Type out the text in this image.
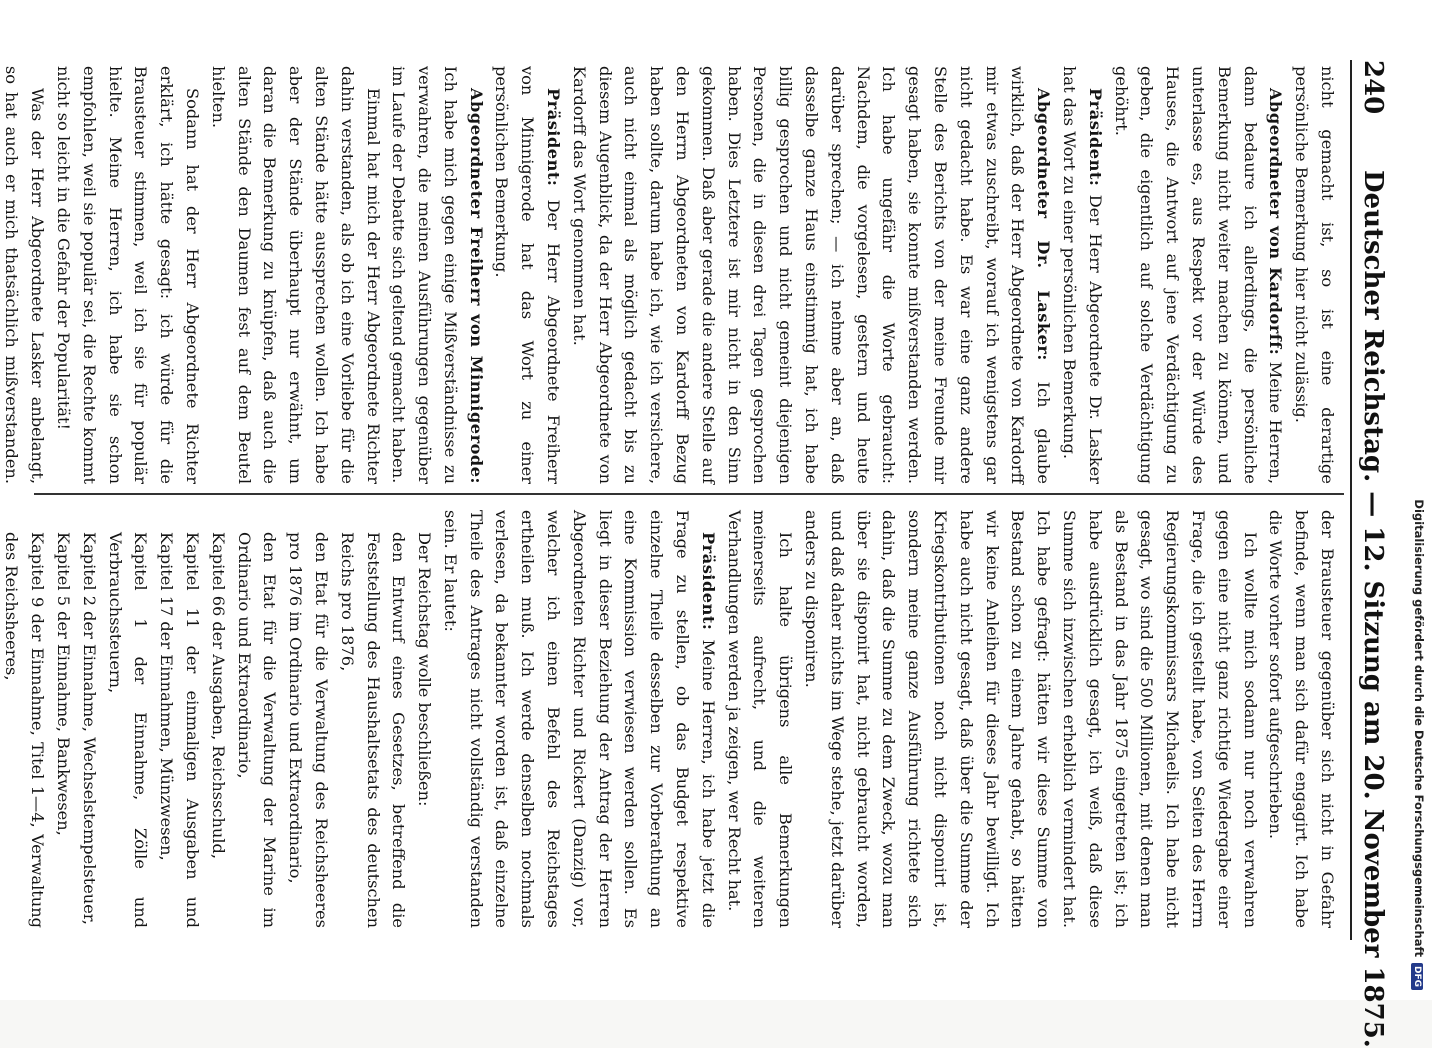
240
Deutscher Reichstag. — 12. Sitzung am 20. November 1875.

nicht gemacht ist, so ist eine derartige persönliche Bemerkung hier nicht zulässig.

Abgeordneter von Kardorff: Meine Herren, dann bedaure ich allerdings, die persönliche Bemerkung nicht weiter machen zu können, und unterlasse es, aus Respekt vor der Würde des Hauses, die Antwort auf jene Verdächtigung zu geben, die eigentlich auf solche Verdächtigung gehöhrt.

Präsident: Der Herr Abgeordnete Dr. Lasker hat das Wort zu einer persönlichen Bemerkung.

Abgeordneter Dr. Lasker: Ich glaube wirklich, daß der Herr Abgeordnete von Kardorff mir etwas zuschreibt, worauf ich wenigstens gar nicht gedacht habe. Es war eine ganz andere Stelle des Berichts von der meine Freunde mir gesagt haben, sie konnte mißverstanden werden. Ich habe ungefähr die Worte gebraucht: Nachdem, die vorgelesen, gestern und heute darüber sprechen; — ich nehme aber an, daß dasselbe ganze Haus einstimmig hat, ich habe billig gesprochen und nicht gemeint diejenigen Personen, die in diesen drei Tagen gesprochen haben. Dies Letztere ist mir nicht in den Sinn gekommen. Daß aber gerade die andere Stelle auf den Herrn Abgeordneten von Kardorff Bezug haben sollte, darum habe ich, wie ich versichere, auch nicht einmal als möglich gedacht bis zu diesem Augenblick, da der Herr Abgeordnete von Kardorff das Wort genommen hat.

Präsident: Der Herr Abgeordnete Freiherr von Minnigerode hat das Wort zu einer persönlichen Bemerkung.

Abgeordneter Freiherr von Minnigerode: Ich habe mich gegen einige Mißverständnisse zu verwahren, die meinen Ausführungen gegenüber im Laufe der Debatte sich geltend gemacht haben.

Einmal hat mich der Herr Abgeordnete Richter dahin verstanden, als ob ich eine Vorliebe für die alten Stände hätte aussprechen wollen. Ich habe aber der Stände überhaupt nur erwähnt, um daran die Bemerkung zu knüpfen, daß auch die alten Stände den Daumen fest auf dem Beutel hielten.

Sodann hat der Herr Abgeordnete Richter erklärt, ich hätte gesagt: ich würde für die Brausteuer stimmen, weil ich sie für populär hielte. Meine Herren, ich habe sie schon empfohlen, weil sie populär sei, die Rechte kommt nicht so leicht in die Gefahr der Popularität!

Was der Herr Abgeordnete Lasker anbelangt, so hat auch er mich thatsächlich mißverstanden.

der Brausteuer gegenüber sich nicht in Gefahr befinde, wenn man sich dafür engagirt. Ich habe die Worte vorher sofort aufgeschrieben.

Ich wollte mich sodann nur noch verwahren gegen eine nicht ganz richtige Wiedergabe einer Frage, die ich gestellt habe, von Seiten des Herrn Regierungskommissars Michaelis. Ich habe nicht gesagt, wo sind die 500 Millionen, mit denen man als Bestand in das Jahr 1875 eingetreten ist; ich habe ausdrücklich gesagt, ich weiß, daß diese Summe sich inzwischen erheblich vermindert hat. Ich habe gefragt: hätten wir diese Summe von Bestand schon zu einem Jahre gehabt, so hätten wir keine Anleihen für dieses Jahr bewilligt. Ich habe auch nicht gesagt, daß über die Summe der Kriegskontributionen noch nicht disponirt ist, sondern meine ganze Ausführung richtete sich dahin, daß die Summe zu dem Zweck, wozu man über sie disponirt hat, nicht gebraucht worden, und daß daher nichts im Wege stehe, jetzt darüber anders zu disponiren.

Ich halte übrigens alle Bemerkungen meinerseits aufrecht, und die weiteren Verhandlungen werden ja zeigen, wer Recht hat.

Präsident: Meine Herren, ich habe jetzt die Frage zu stellen, ob das Budget respektive einzelne Theile desselben zur Vorberathung an eine Kommission verwiesen werden sollen. Es liegt in dieser Beziehung der Antrag der Herren Abgeordneten Richter und Rickert (Danzig) vor, welcher ich einen Befehl des Reichstages ertheilen muß. Ich werde denselben nochmals verlesen, da bekannter worden ist, daß einzelne Theile des Antrages nicht vollständig verstanden sein. Er lautet:

Der Reichstag wolle beschließen:

den Entwurf eines Gesetzes, betreffend die Feststellung des Haushaltsetats des deutschen Reichs pro 1876,

den Etat für die Verwaltung des Reichsheeres pro 1876 im Ordinario und Extraordinario,

den Etat für die Verwaltung der Marine im Ordinario und Extraordinario,

Kapitel 66 der Ausgaben, Reichsschuld,

Kapitel 11 der einmaligen Ausgaben und Kapitel 17 der Einnahmen, Münzwesen,

Kapitel 1 der Einnahme, Zölle und Verbrauchssteuern,

Kapitel 2 der Einnahme, Wechselstempelsteuer,

Kapitel 5 der Einnahme, Bankwesen,

Kapitel 9 der Einnahme, Titel 1—4, Verwaltung des Reichsheeres,	Digitalisierung gefördert durch die Deutsche ForschungsgemeinschaftDFG
